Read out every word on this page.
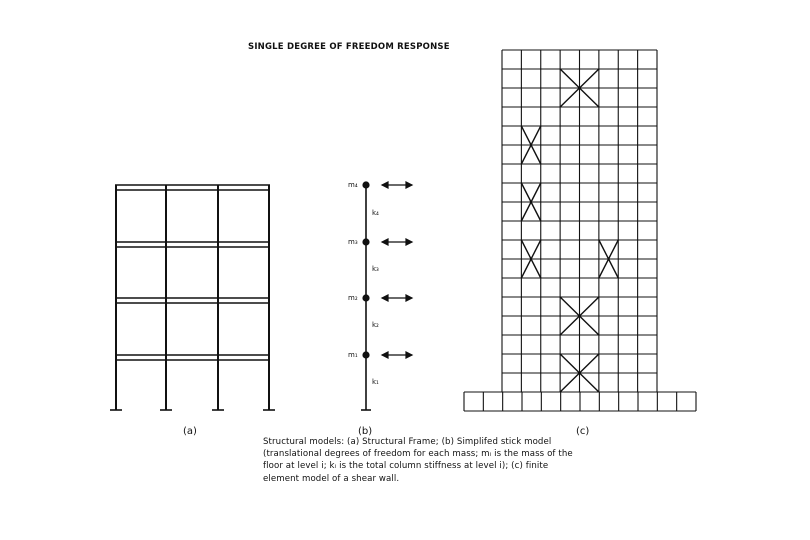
m₄
m₃
m₂
m₁
k₄
k₃
k₂
k₁
SINGLE DEGREE OF FREEDOM RESPONSE
(a)	(b)	(c)
Structural models: (a) Structural Frame; (b) Simplifed stick model
(translational degrees of freedom for each mass; mᵢ is the mass of the
floor at level i; kᵢ is the total column stiffness at level i); (c) finite
element model of a shear wall.
